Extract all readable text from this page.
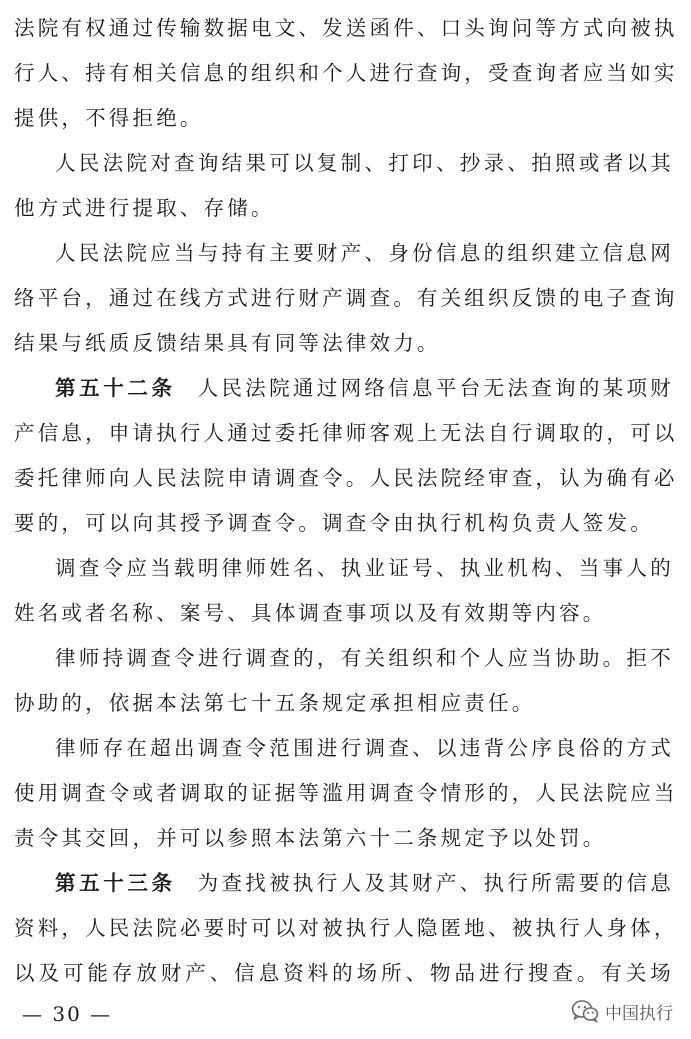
法院有权通过传输数据电文、发送函件、口头询问等方式向被执
行人、持有相关信息的组织和个人进行查询，受查询者应当如实
提供，不得拒绝。
人民法院对查询结果可以复制、打印、抄录、拍照或者以其
他方式进行提取、存储。
人民法院应当与持有主要财产、身份信息的组织建立信息网
络平台，通过在线方式进行财产调查。有关组织反馈的电子查询
结果与纸质反馈结果具有同等法律效力。
第五十二条 人民法院通过网络信息平台无法查询的某项财
产信息，申请执行人通过委托律师客观上无法自行调取的，可以
委托律师向人民法院申请调查令。人民法院经审查，认为确有必
要的，可以向其授予调查令。调查令由执行机构负责人签发。
调查令应当载明律师姓名、执业证号、执业机构、当事人的
姓名或者名称、案号、具体调查事项以及有效期等内容。
律师持调查令进行调查的，有关组织和个人应当协助。拒不
协助的，依据本法第七十五条规定承担相应责任。
律师存在超出调查令范围进行调查、以违背公序良俗的方式
使用调查令或者调取的证据等滥用调查令情形的，人民法院应当
责令其交回，并可以参照本法第六十二条规定予以处罚。
第五十三条 为查找被执行人及其财产、执行所需要的信息
资料，人民法院必要时可以对被执行人隐匿地、被执行人身体，
以及可能存放财产、信息资料的场所、物品进行搜查。有关场
— 30 —	中国执行
